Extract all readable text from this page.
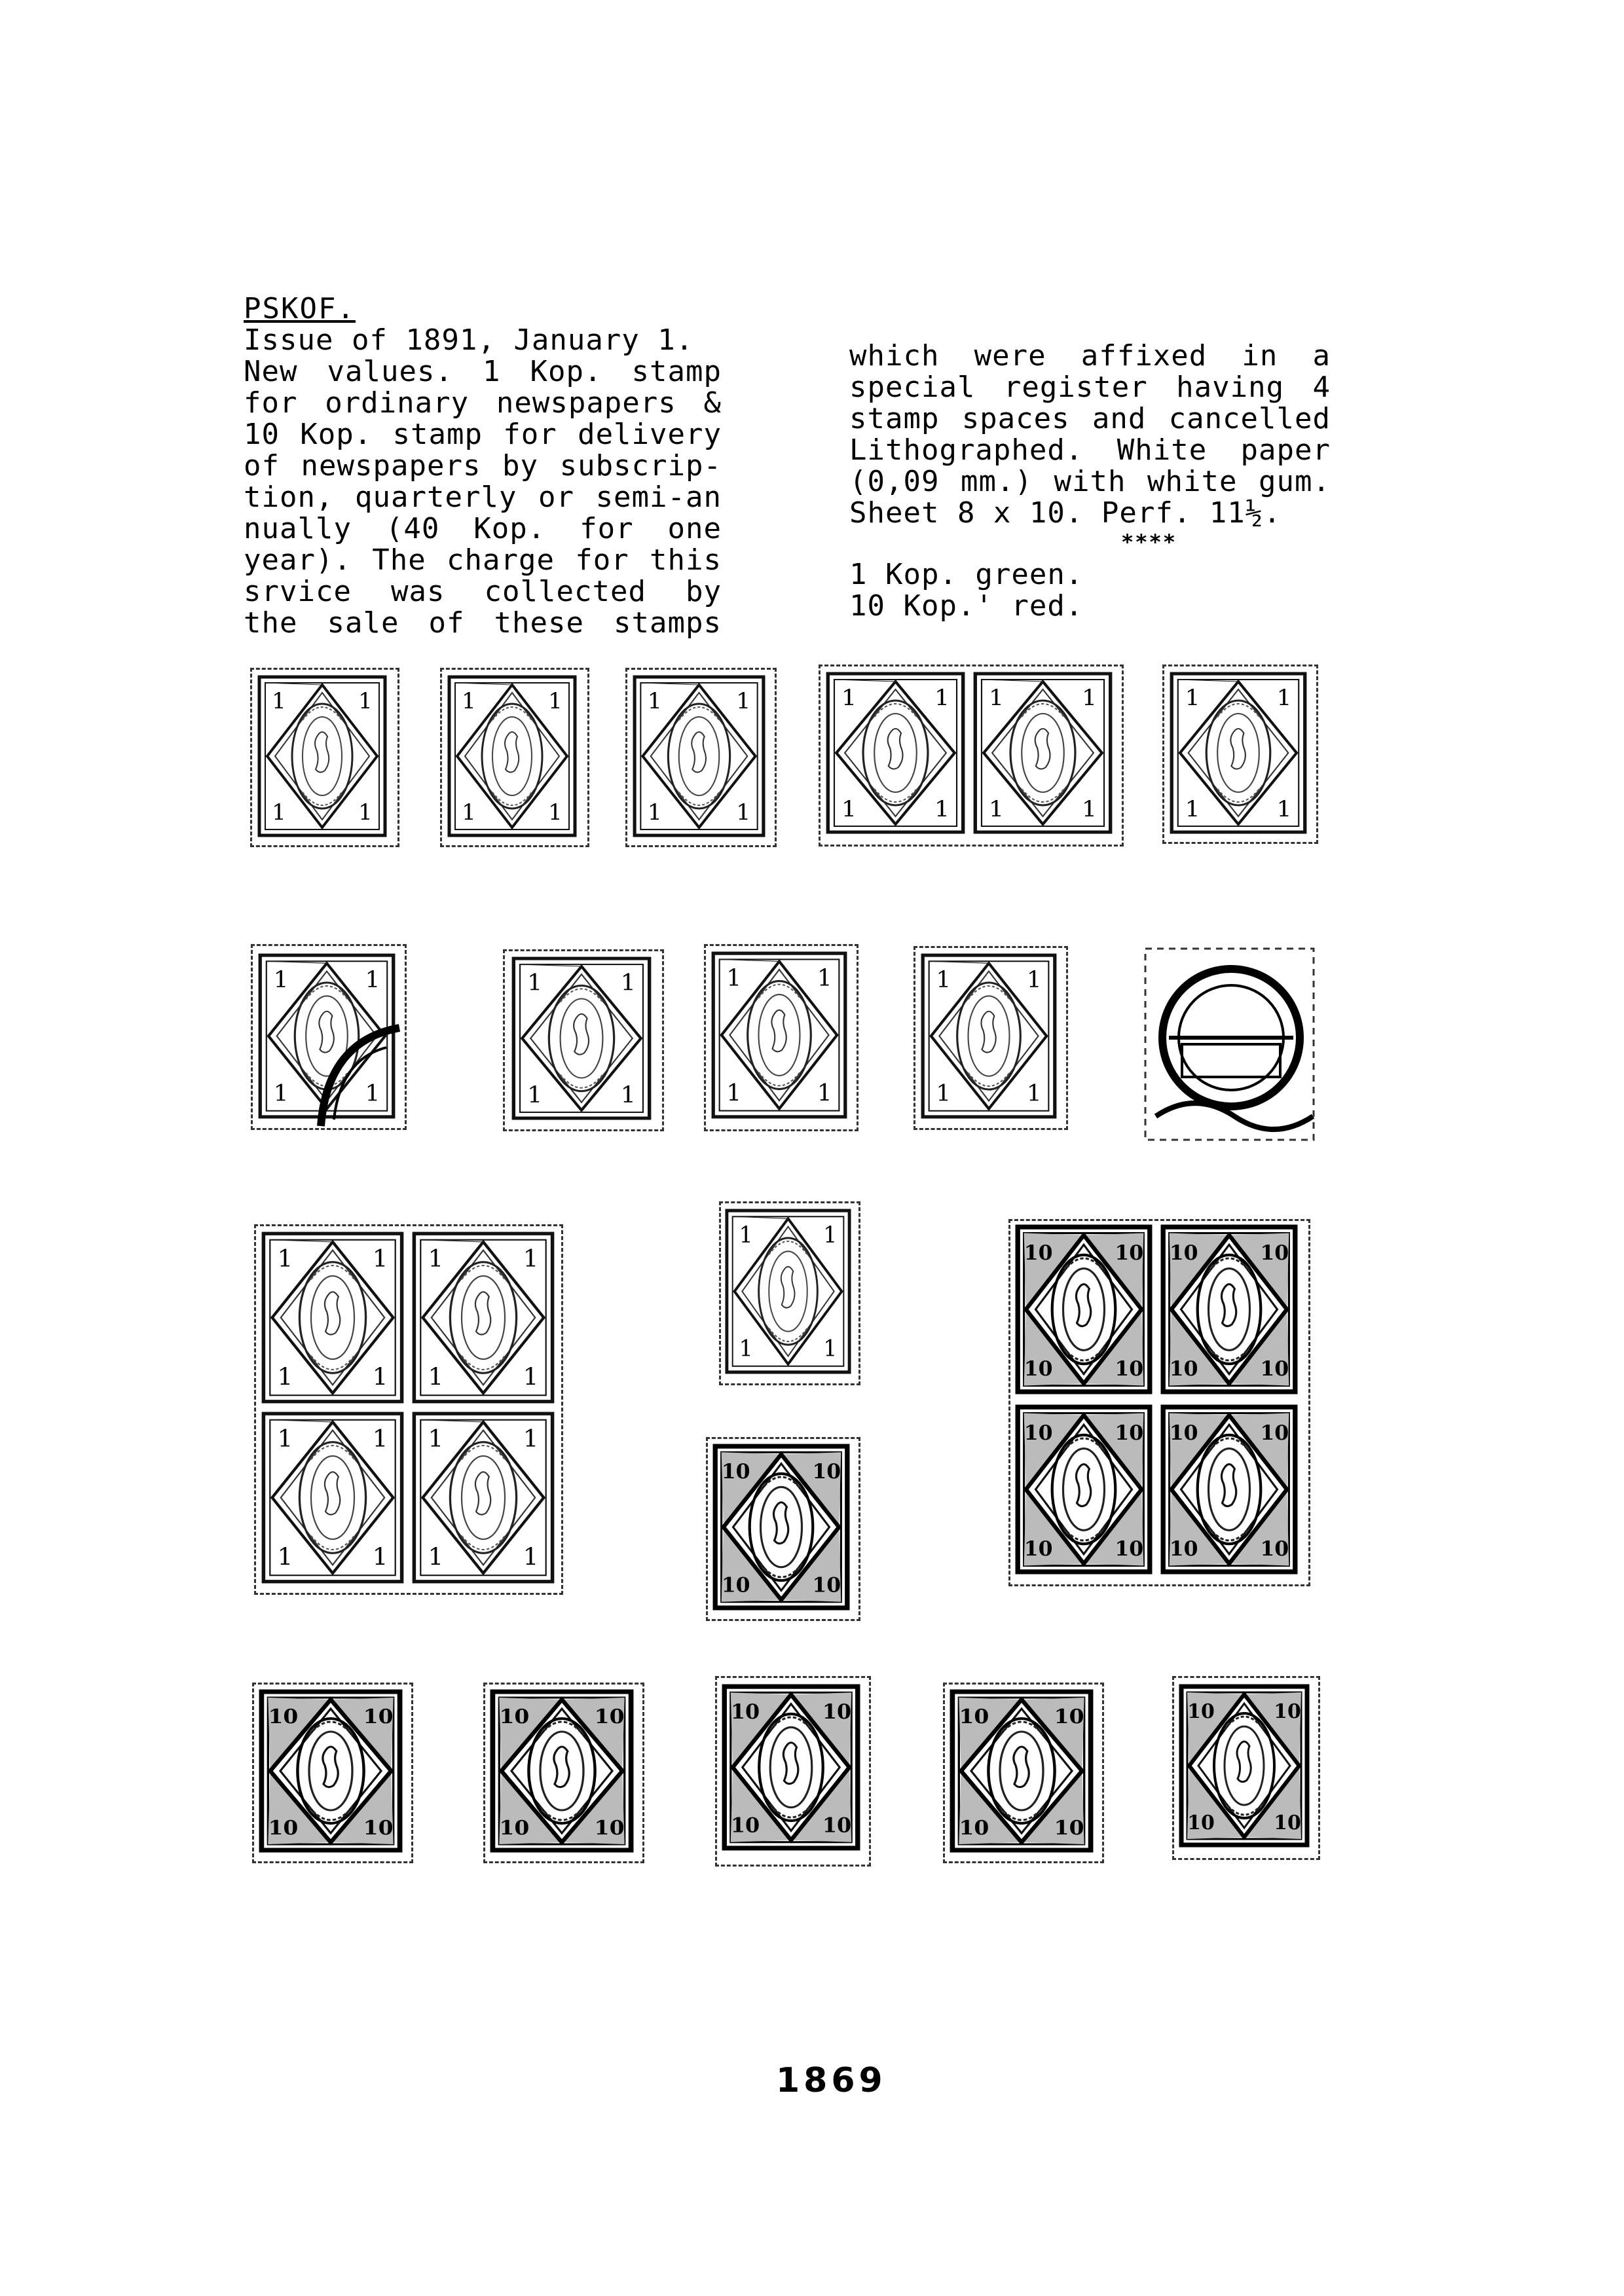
PSKOF.
Issue of 1891, January 1.
New values. 1 Kop. stamp
for ordinary newspapers &
10 Kop. stamp for delivery
of newspapers by subscrip-
tion, quarterly or semi-an
nually (40 Kop. for one
year). The charge for this
srvice was collected by
the sale of these stamps
which were affixed in a
special register having 4
stamp spaces and cancelled
Lithographed. White paper
(0,09 mm.) with white gum.
Sheet 8 x 10. Perf. 11½.
****
1 Kop. green.
10 Kop.' red.
1	1
1	1
1	1
1	1
1	1
1	1
1	1
1	1
1	1
1	1
1	1
1	1
1	1
1	1
1	1
1	1
1	1
1	1
1	1
1	1
1	1
1	1
1	1
1	1
1	1
1	1
1	1
1	1
1	1
1	1
10	10
10	10
10	10
10	10
10	10
10	10
10	10
10	10
10	10
10	10
10	10
10	10
10	10
10	10
10	10
10	10
10	10
10	10
10	10
10	10
1869
